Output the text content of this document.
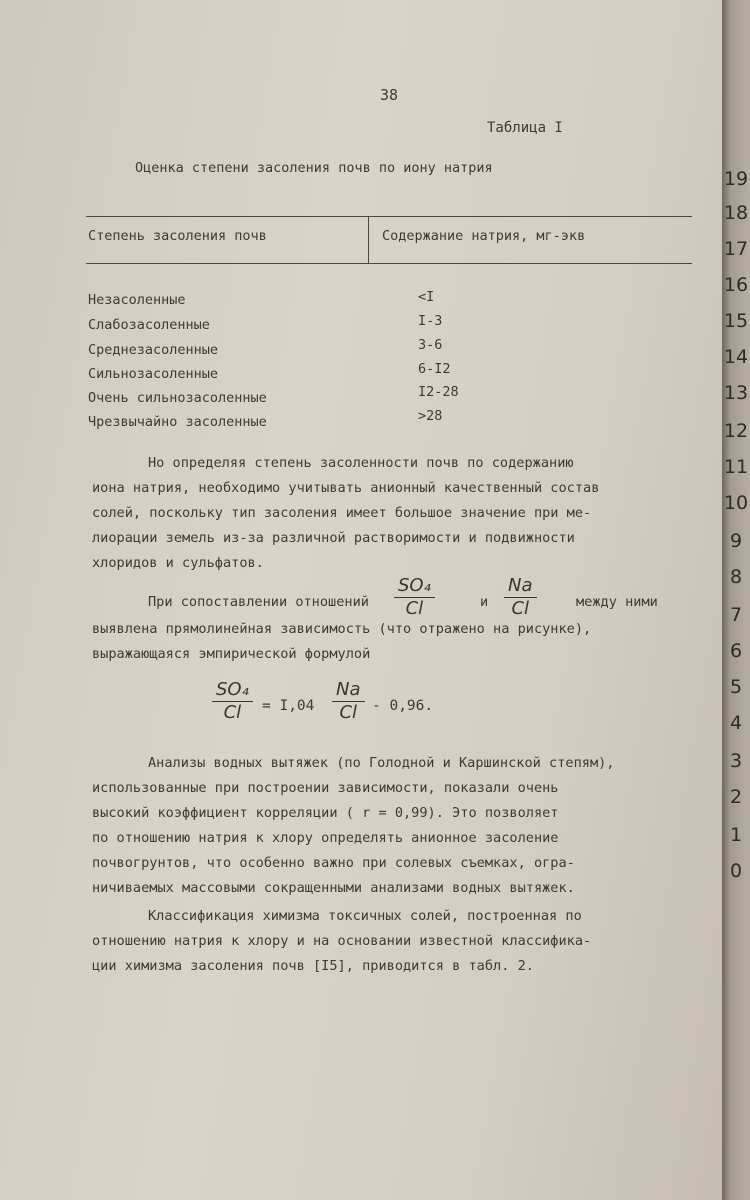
38
Таблица I
Оценка степени засоления почв по иону натрия
Степень засоления почв	Содержание натрия, мг-экв
Незасоленные	<I
Слабозасоленные	I-3
Среднезасоленные	3-6
Сильнозасоленные	6-I2
Очень сильнозасоленные	I2-28
Чрезвычайно засоленные	>28
Но определяя степень засоленности почв по содержанию
иона натрия, необходимо учитывать анионный качественный состав
солей, поскольку тип засоления имеет большое значение при ме-
лиорации земель из-за различной растворимости и подвижности
хлоридов и сульфатов.
При сопоставлении отношений
SO₄
Cl	и
Na
Cl	между ними
выявлена прямолинейная зависимость (что отражено на рисунке),
выражающаяся эмпирической формулой
SO₄
Cl = I,04
Na
Cl - 0,96.
Анализы водных вытяжек (по Голодной и Каршинской степям),
использованные при построении зависимости, показали очень
высокий коэффициент корреляции ( r = 0,99). Это позволяет
по отношению натрия к хлору определять анионное засоление
почвогрунтов, что особенно важно при солевых съемках, огра-
ничиваемых массовыми сокращенными анализами водных вытяжек.
Классификация химизма токсичных солей, построенная по
отношению натрия к хлору и на основании известной классифика-
ции химизма засоления почв [I5], приводится в табл. 2.
19
18
17
16
15
14
13
12
11
10
9
8
7
6
5
4
3
2
1
0
